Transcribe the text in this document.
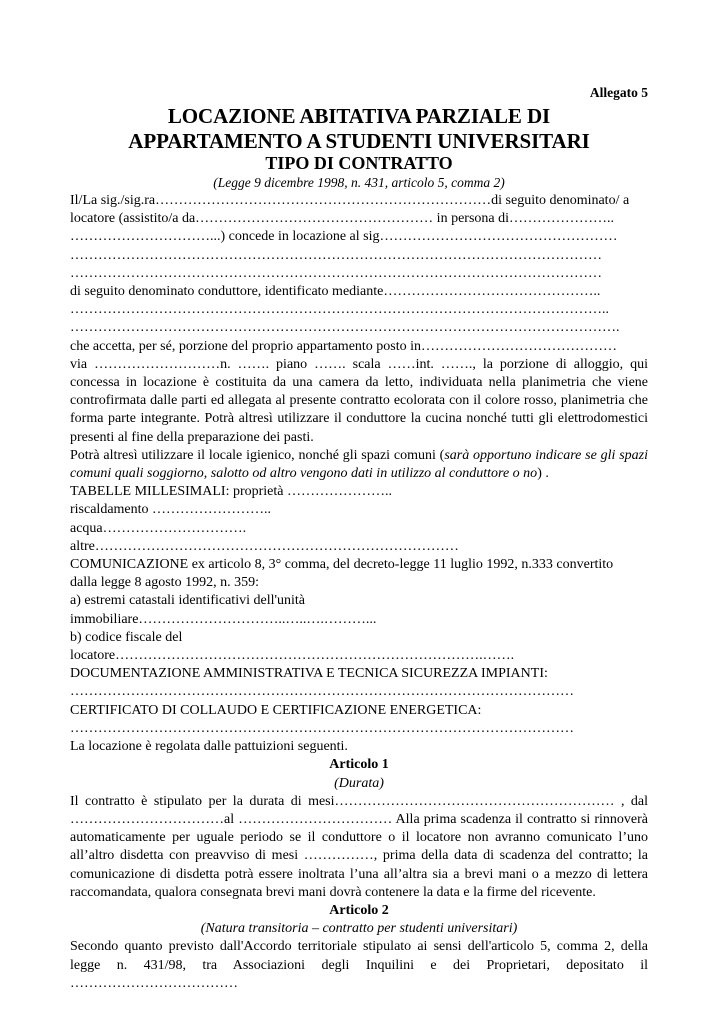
Allegato 5
LOCAZIONE ABITATIVA PARZIALE DI
APPARTAMENTO A STUDENTI UNIVERSITARI
TIPO DI CONTRATTO
(Legge 9 dicembre 1998, n. 431, articolo 5, comma 2)
Il/La sig./sig.ra………………………………………………………………di seguito denominato/ a
locatore (assistito/a da…………………………………………… in persona di…………………..
…………………………...) concede in locazione al sig……………………………………………
……………………………………………………………………………………………………
……………………………………………………………………………………………………
di seguito denominato conduttore, identificato mediante………………………………………..
……………………………………………………………………………………………………..
……………………………………………………………………………………………………….
che accetta, per sé, porzione del proprio appartamento posto in……………………………………
via ………………………n. ……. piano ……. scala ……int. ……., la porzione di alloggio, qui concessa in locazione è costituita da una camera da letto, individuata nella planimetria che viene controfirmata dalle parti ed allegata al presente contratto ecolorata con il colore rosso, planimetria che forma parte integrante. Potrà altresì utilizzare il conduttore la cucina nonché tutti gli elettrodomestici presenti al fine della preparazione dei pasti.
Potrà altresì utilizzare il locale igienico, nonché gli spazi comuni (sarà opportuno indicare se gli spazi comuni quali soggiorno, salotto od altro vengono dati in utilizzo al conduttore o no) .
TABELLE MILLESIMALI: proprietà …………………..
riscaldamento ……………………..
acqua………………………….
altre……………………………………………………………………
COMUNICAZIONE ex articolo 8, 3° comma, del decreto-legge 11 luglio 1992, n.333 convertito
dalla legge 8 agosto 1992, n. 359:
a) estremi catastali identificativi dell'unità
immobiliare…………………………..…..….………...
b) codice fiscale del
locatore…………………………………………………………………….…….
DOCUMENTAZIONE AMMINISTRATIVA E TECNICA SICUREZZA IMPIANTI:
………………………………………………………………………………………………
CERTIFICATO DI COLLAUDO E CERTIFICAZIONE ENERGETICA:
………………………………………………………………………………………………
La locazione è regolata dalle pattuizioni seguenti.
Articolo 1
(Durata)
Il contratto è stipulato per la durata di mesi…………………………………………………… , dal ……………………………al …………………………… Alla prima scadenza il contratto si rinnoverà automaticamente per uguale periodo se il conduttore o il locatore non avranno comunicato l’uno all’altro disdetta con preavviso di mesi ……………, prima della data di scadenza del contratto; la comunicazione di disdetta potrà essere inoltrata l’una all’altra sia a brevi mani o a mezzo di lettera raccomandata, qualora consegnata brevi mani dovrà contenere la data e la firme del ricevente.
Articolo 2
(Natura transitoria – contratto per studenti universitari)
Secondo quanto previsto dall'Accordo territoriale stipulato ai sensi dell'articolo 5, comma 2, della legge n. 431/98, tra Associazioni degli Inquilini e dei Proprietari, depositato il ………………………………
